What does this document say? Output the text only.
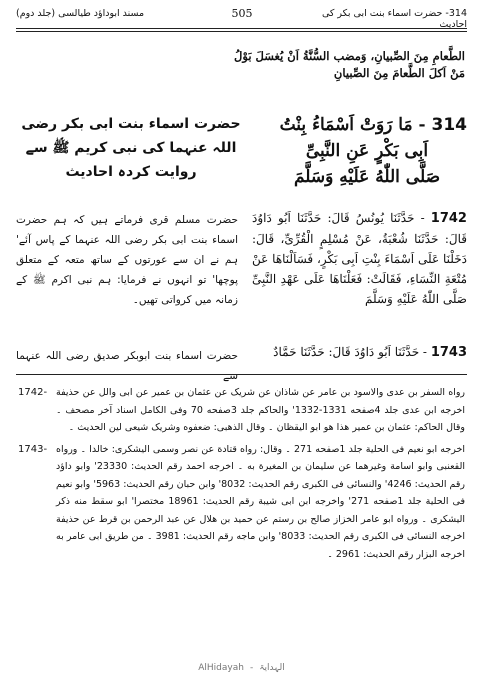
مسند ابوداؤد طیالسی (جلد دوم)	505	314- حضرت اسماء بنت ابی بکر کی احادیث
الطَّعامِ مِنَ الصِّبیانِ، وَمضب السُّنَّةُ اَنْ یُغسَلَ بَوْلُ
مَنْ اَکلَ الطَّعامَ مِنَ الصِّبیانِ
314 - مَا رَوَتْ اَسْمَاءُ بِنْتُ
اَبِی بَکْرٍ عَنِ النَّبِیِّ
صَلَّی اللّٰهُ عَلَیْهِ وَسَلَّمَ
حضرت اسماء بنت ابی بکر رضی
اللہ عنہما کی نبی کریم ﷺ سے
روایت کردہ احادیث
1742 - حَدَّثَنَا یُونُسُ قَالَ: حَدَّثَنَا اَبُو دَاوُدَ قَالَ: حَدَّثَنَا شُعْبَةُ، عَنْ مُسْلِمٍ الْقُرِّیِّ، قَالَ: دَخَلْنَا عَلَی اَسْمَاءَ بِنْتِ اَبِی بَکْرٍ، فَسَاَلْنَاهَا عَنْ مُتْعَةِ النِّسَاءِ، فَقَالَتْ: فَعَلْنَاهَا عَلَی عَهْدِ النَّبِیِّ صَلَّی اللّٰهُ عَلَیْهِ وَسَلَّمَ
حضرت مسلم قری فرماتے ہیں کہ ہم حضرت اسماء بنت ابی بکر رضی اللہ عنہما کے پاس آئے' ہم نے ان سے عورتوں کے ساتھ متعہ کے متعلق پوچھا' تو انہوں نے فرمایا: ہم نبی اکرم ﷺ کے زمانہ میں کرواتی تھیں۔
1743 - حَدَّثَنَا اَبُو دَاوُدَ قَالَ: حَدَّثَنَا حَمَّادٌ
حضرت اسماء بنت ابوبکر صدیق رضی اللہ عنہما سے
1742- رواه السفر بن عدی والاسود بن عامر عن شاذان عن شریک عن عثمان بن عمیر عن ابی والل عن حذیفة اخرجه ابن عدی جلد 4صفحه 1331-1332' والحاکم جلد 3صفحه 70 وفی الکامل اسناد آخر مصحف ۔ وقال الحاکم: عثمان بن عمیر هذا هو ابو الیقظان ۔ وقال الذهبی: ضعفوه وشریک شیعی لین الحدیث ۔
1743- اخرجه ابو نعیم فی الحلیة جلد 1صفحه 271 ۔ وقال: رواه قتادة عن نصر وسمی الیشکری: خالدا ۔ ورواه القعنبی وابو اسامة وغیرهما عن سلیمان بن المغیرة به ۔ اخرجه احمد رقم الحدیث: 23330' وابو داؤد رقم الحدیث: 4246' والنسائی فی الکبری رقم الحدیث: 8032' وابن حبان رقم الحدیث: 5963' وابو نعیم فی الحلیة جلد 1صفحه 271' واخرجه ابن ابی شیبة رقم الحدیث: 18961 مختصرا' ابو سقط منه ذکر الیشکری ۔ ورواه ابو عامر الخزاز صالح بن رستم عن حمید بن هلال عن عبد الرحمن بن قرط عن حذیفة اخرجه النسائی فی الکبری رقم الحدیث: 8033' وابن ماجه رقم الحدیث: 3981 ۔ من طریق ابی عامر به اخرجه البزار رقم الحدیث: 2961 ۔
AlHidayah - الہدایۃ
